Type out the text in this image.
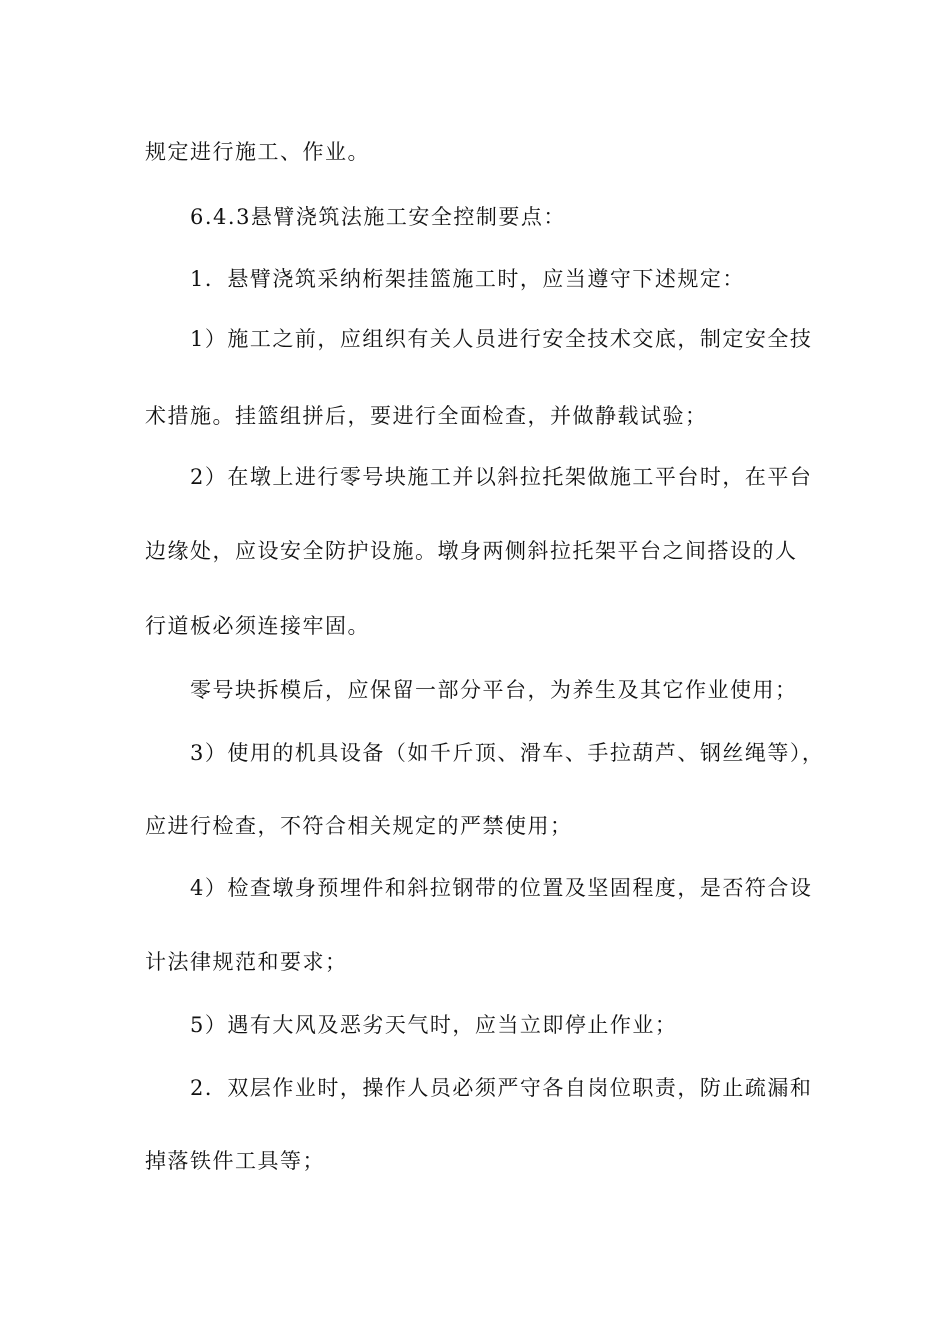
规定进行施工、作业。
6.4.3悬臂浇筑法施工安全控制要点：
1．悬臂浇筑采纳桁架挂篮施工时，应当遵守下述规定：
1）施工之前，应组织有关人员进行安全技术交底，制定安全技
术措施。挂篮组拼后，要进行全面检查，并做静载试验；
2）在墩上进行零号块施工并以斜拉托架做施工平台时，在平台
边缘处，应设安全防护设施。墩身两侧斜拉托架平台之间搭设的人
行道板必须连接牢固。
零号块拆模后，应保留一部分平台，为养生及其它作业使用；
3）使用的机具设备（如千斤顶、滑车、手拉葫芦、钢丝绳等），
应进行检查，不符合相关规定的严禁使用；
4）检查墩身预埋件和斜拉钢带的位置及坚固程度，是否符合设
计法律规范和要求；
5）遇有大风及恶劣天气时，应当立即停止作业；
2．双层作业时，操作人员必须严守各自岗位职责，防止疏漏和
掉落铁件工具等；
